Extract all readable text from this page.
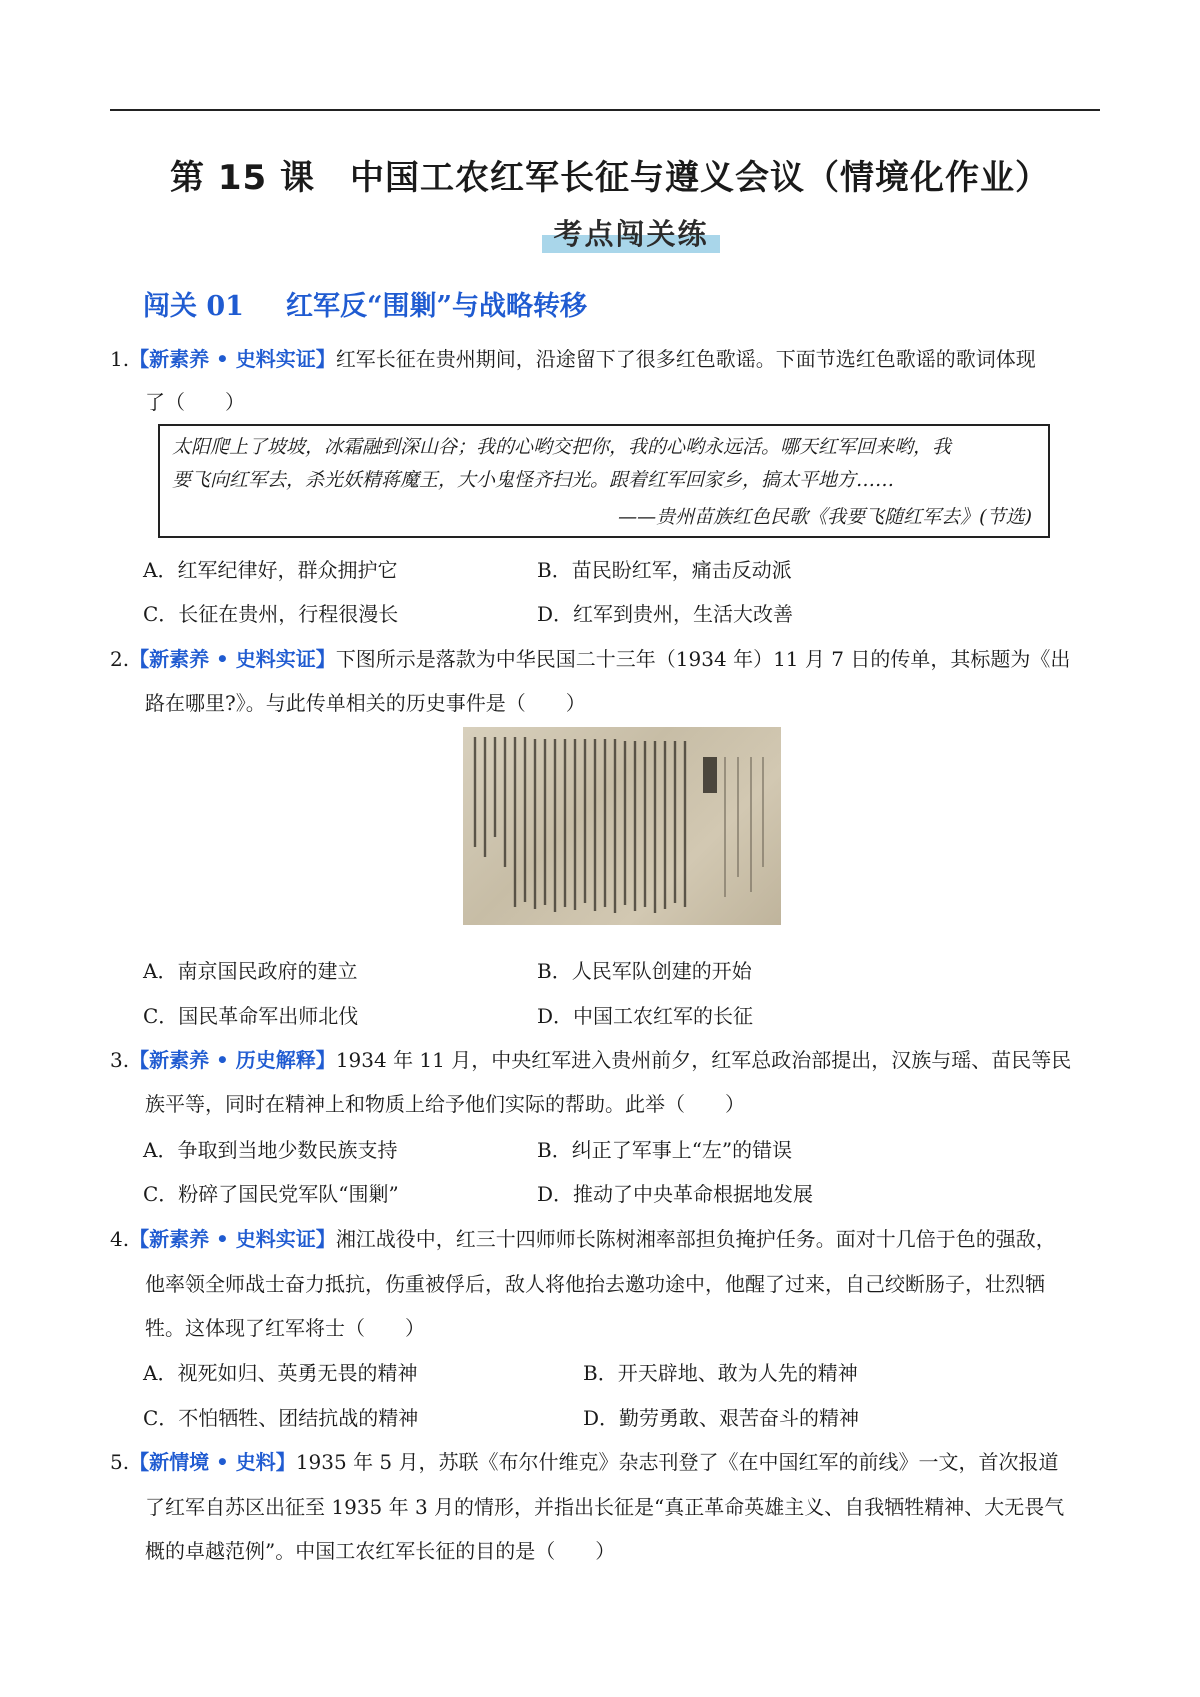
第 15 课　中国工农红军长征与遵义会议（情境化作业）
考点闯关练
闯关 01 红军反“围剿”与战略转移
1.【新素养 • 史料实证】红军长征在贵州期间，沿途留下了很多红色歌谣。下面节选红色歌谣的歌词体现
了（　　）
太阳爬上了坡坡，冰霜融到深山谷；我的心哟交把你，我的心哟永远活。哪天红军回来哟，我
要飞向红军去，杀光妖精蒋魔王，大小鬼怪齐扫光。跟着红军回家乡，搞太平地方……
——贵州苗族红色民歌《我要飞随红军去》(节选)
A．红军纪律好，群众拥护它	B．苗民盼红军，痛击反动派
C．长征在贵州，行程很漫长	D．红军到贵州，生活大改善
2.【新素养 • 史料实证】下图所示是落款为中华民国二十三年（1934 年）11 月 7 日的传单，其标题为《出
路在哪里?》。与此传单相关的历史事件是（　　）
A．南京国民政府的建立	B．人民军队创建的开始
C．国民革命军出师北伐	D．中国工农红军的长征
3.【新素养 • 历史解释】1934 年 11 月，中央红军进入贵州前夕，红军总政治部提出，汉族与瑶、苗民等民
族平等，同时在精神上和物质上给予他们实际的帮助。此举（　　）
A．争取到当地少数民族支持	B．纠正了军事上“左”的错误
C．粉碎了国民党军队“围剿”	D．推动了中央革命根据地发展
4.【新素养 • 史料实证】湘江战役中，红三十四师师长陈树湘率部担负掩护任务。面对十几倍于色的强敌，
他率领全师战士奋力抵抗，伤重被俘后，敌人将他抬去邀功途中，他醒了过来，自己绞断肠子，壮烈牺
牲。这体现了红军将士（　　）
A．视死如归、英勇无畏的精神	B．开天辟地、敢为人先的精神
C．不怕牺牲、团结抗战的精神	D．勤劳勇敢、艰苦奋斗的精神
5.【新情境 • 史料】1935 年 5 月，苏联《布尔什维克》杂志刊登了《在中国红军的前线》一文，首次报道
了红军自苏区出征至 1935 年 3 月的情形，并指出长征是“真正革命英雄主义、自我牺牲精神、大无畏气
概的卓越范例”。中国工农红军长征的目的是（　　）
